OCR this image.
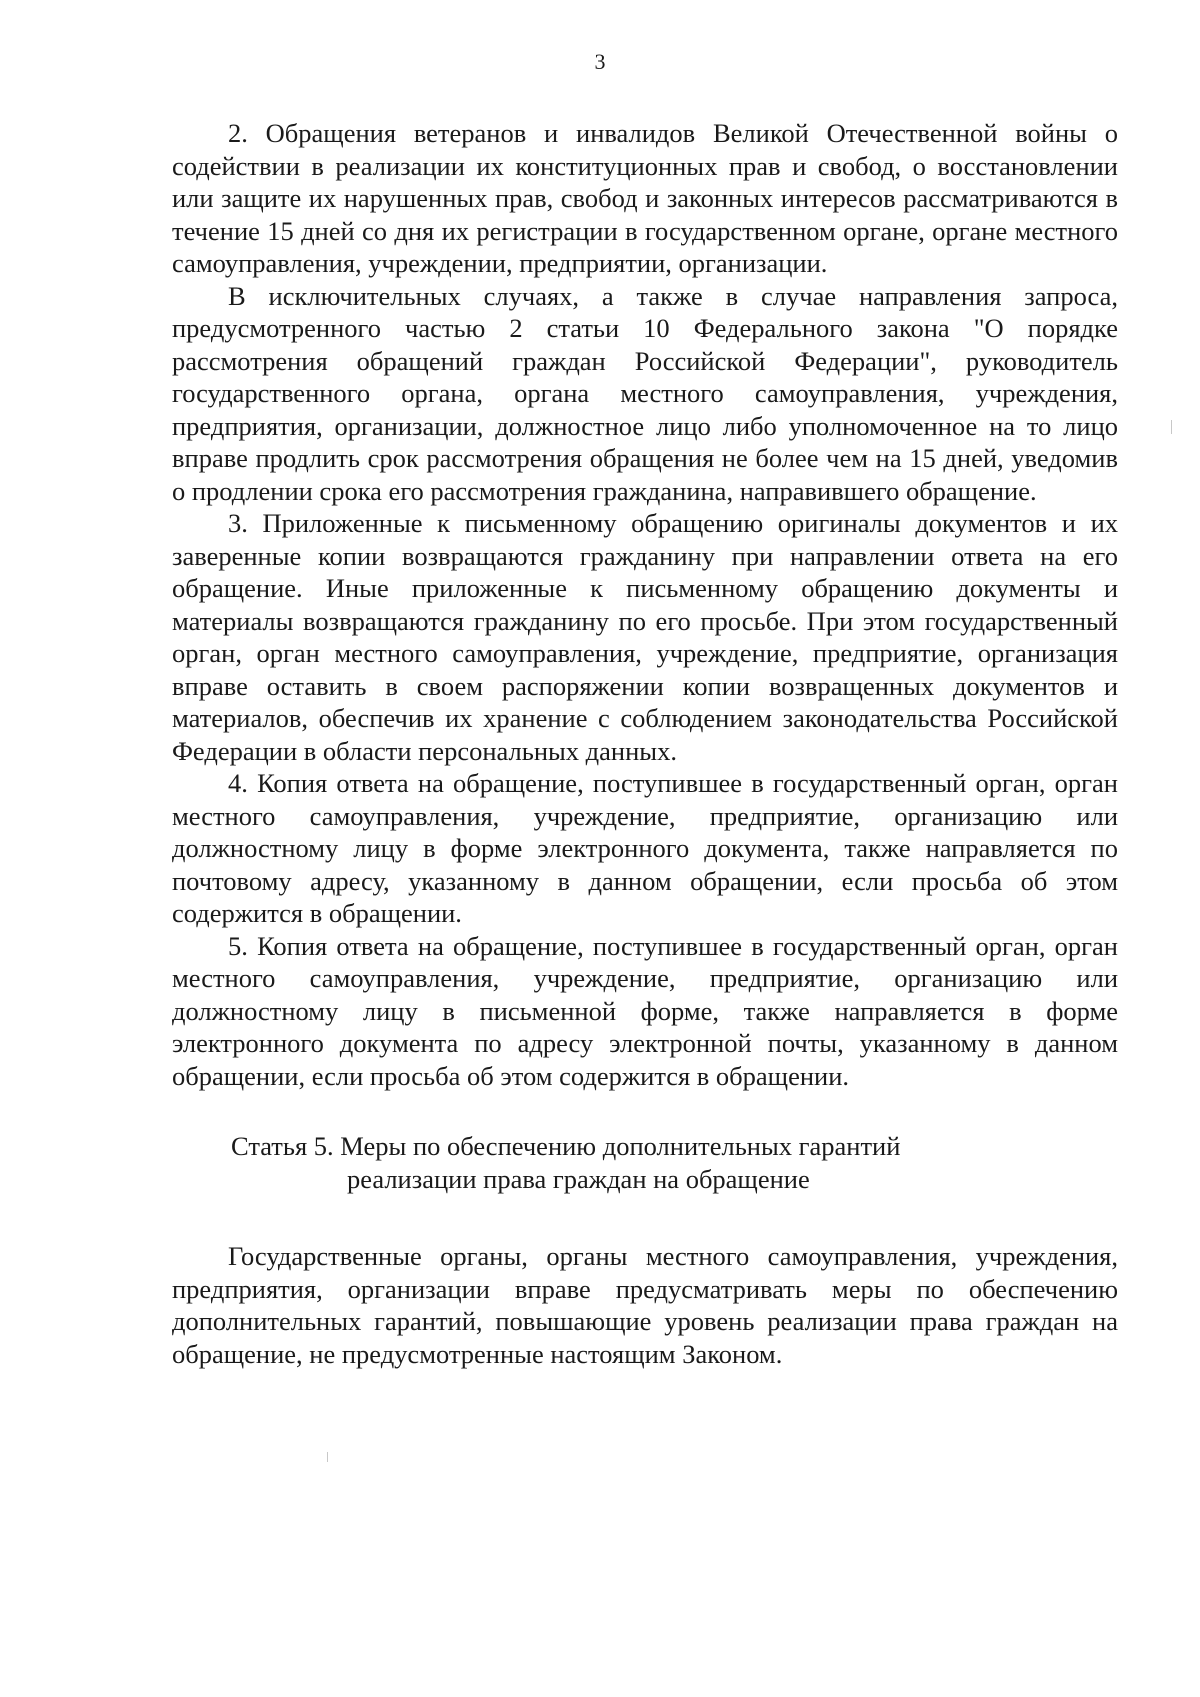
3

2. Обращения ветеранов и инвалидов Великой Отечественной войны о содействии в реализации их конституционных прав и свобод, о восстановлении или защите их нарушенных прав, свобод и законных интересов рассматриваются в течение 15 дней со дня их регистрации в государственном органе, органе местного самоуправления, учреждении, предприятии, организации.

В исключительных случаях, а также в случае направления запроса, предусмотренного частью 2 статьи 10 Федерального закона "О порядке рассмотрения обращений граждан Российской Федерации", руководитель государственного органа, органа местного самоуправления, учреждения, предприятия, организации, должностное лицо либо уполномоченное на то лицо вправе продлить срок рассмотрения обращения не более чем на 15 дней, уведомив о продлении срока его рассмотрения гражданина, направившего обращение.

3. Приложенные к письменному обращению оригиналы документов и их заверенные копии возвращаются гражданину при направлении ответа на его обращение. Иные приложенные к письменному обращению документы и материалы возвращаются гражданину по его просьбе. При этом государственный орган, орган местного самоуправления, учреждение, предприятие, организация вправе оставить в своем распоряжении копии возвращенных документов и материалов, обеспечив их хранение с соблюдением законодательства Российской Федерации в области персональных данных.

4. Копия ответа на обращение, поступившее в государственный орган, орган местного самоуправления, учреждение, предприятие, организацию или должностному лицу в форме электронного документа, также направляется по почтовому адресу, указанному в данном обращении, если просьба об этом содержится в обращении.

5. Копия ответа на обращение, поступившее в государственный орган, орган местного самоуправления, учреждение, предприятие, организацию или должностному лицу в письменной форме, также направляется в форме электронного документа по адресу электронной почты, указанному в данном обращении, если просьба об этом содержится в обращении.

Статья 5. Меры по обеспечению дополнительных гарантий
реализации права граждан на обращение

Государственные органы, органы местного самоуправления, учреждения, предприятия, организации вправе предусматривать меры по обеспечению дополнительных гарантий, повышающие уровень реализации права граждан на обращение, не предусмотренные настоящим Законом.
